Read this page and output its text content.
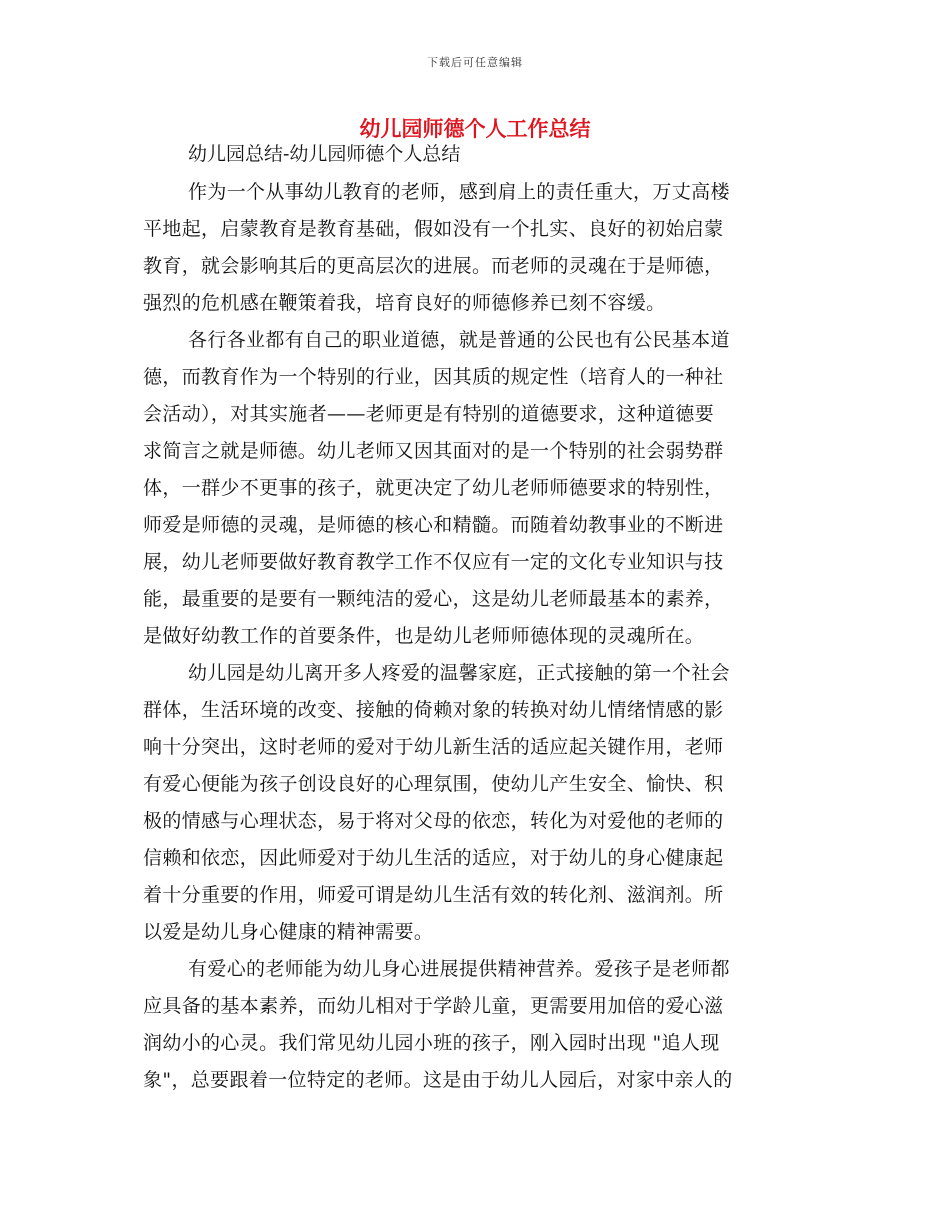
下载后可任意编辑
幼儿园师德个人工作总结
幼儿园总结-幼儿园师德个人总结
作为一个从事幼儿教育的老师，感到肩上的责任重大，万丈高楼
平地起，启蒙教育是教育基础，假如没有一个扎实、良好的初始启蒙
教育，就会影响其后的更高层次的进展。而老师的灵魂在于是师德，
强烈的危机感在鞭策着我，培育良好的师德修养已刻不容缓。
各行各业都有自己的职业道德，就是普通的公民也有公民基本道
德，而教育作为一个特别的行业，因其质的规定性（培育人的一种社
会活动），对其实施者——老师更是有特别的道德要求，这种道德要
求简言之就是师德。幼儿老师又因其面对的是一个特别的社会弱势群
体，一群少不更事的孩子，就更决定了幼儿老师师德要求的特别性，
师爱是师德的灵魂，是师德的核心和精髓。而随着幼教事业的不断进
展，幼儿老师要做好教育教学工作不仅应有一定的文化专业知识与技
能，最重要的是要有一颗纯洁的爱心，这是幼儿老师最基本的素养，
是做好幼教工作的首要条件，也是幼儿老师师德体现的灵魂所在。
幼儿园是幼儿离开多人疼爱的温馨家庭，正式接触的第一个社会
群体，生活环境的改变、接触的倚赖对象的转换对幼儿情绪情感的影
响十分突出，这时老师的爱对于幼儿新生活的适应起关键作用，老师
有爱心便能为孩子创设良好的心理氛围，使幼儿产生安全、愉快、积
极的情感与心理状态，易于将对父母的依恋，转化为对爱他的老师的
信赖和依恋，因此师爱对于幼儿生活的适应，对于幼儿的身心健康起
着十分重要的作用，师爱可谓是幼儿生活有效的转化剂、滋润剂。所
以爱是幼儿身心健康的精神需要。
有爱心的老师能为幼儿身心进展提供精神营养。爱孩子是老师都
应具备的基本素养，而幼儿相对于学龄儿童，更需要用加倍的爱心滋
润幼小的心灵。我们常见幼儿园小班的孩子，刚入园时出现 "追人现
象"，总要跟着一位特定的老师。这是由于幼儿人园后，对家中亲人的
